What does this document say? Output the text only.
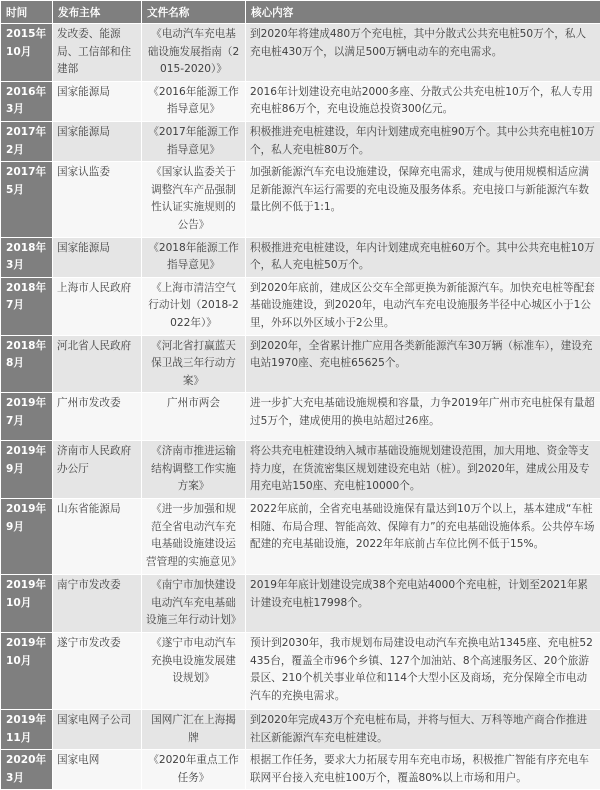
时间	发布主体	文件名称	核心内容
2015年10月	发改委、能源局、工信部和住建部	《电动汽车充电基础设施发展指南（2015-2020）》	到2020年将建成480万个充电桩，其中分散式公共充电桩50万个，私人充电桩430万个，以满足500万辆电动车的充电需求。
2016年3月	国家能源局	《2016年能源工作指导意见》	2016年计划建设充电站2000多座、分散式公共充电桩10万个，私人专用充电桩86万个，充电设施总投资300亿元。
2017年2月	国家能源局	《2017年能源工作指导意见》	积极推进充电桩建设，年内计划建成充电桩90万个。其中公共充电桩10万个，私人充电桩80万个。
2017年5月	国家认监委	《国家认监委关于调整汽车产品强制性认证实施规则的公告》	加强新能源汽车充电设施建设，保障充电需求，建成与使用规模相适应满足新能源汽车运行需要的充电设施及服务体系。充电接口与新能源汽车数量比例不低于1:1。
2018年3月	国家能源局	《2018年能源工作指导意见》	积极推进充电桩建设，年内计划建成充电桩60万个。其中公共充电桩10万个，私人充电桩50万个。
2018年7月	上海市人民政府	《上海市清洁空气行动计划（2018-2022年）》	到2020年底前，建成区公交车全部更换为新能源汽车。加快充电桩等配套基础设施建设，到2020年，电动汽车充电设施服务半径中心城区小于1公里，外环以外区域小于2公里。
2018年8月	河北省人民政府	《河北省打赢蓝天保卫战三年行动方案》	到2020年，全省累计推广应用各类新能源汽车30万辆（标准车），建设充电站1970座、充电桩65625个。
2019年7月	广州市发改委	广州市两会	进一步扩大充电基础设施规模和容量，力争2019年广州市充电桩保有量超过5万个，建成使用的换电站超过26座。
2019年9月	济南市人民政府办公厅	《济南市推进运输结构调整工作实施方案》	将公共充电桩建设纳入城市基础设施规划建设范围，加大用地、资金等支持力度，在货流密集区规划建设充电站（桩）。到2020年，建成公用及专用充电站150座、充电桩10000个。
2019年9月	山东省能源局	《进一步加强和规范全省电动汽车充电基础设施建设运营管理的实施意见》	2022年底前，全省充电基础设施保有量达到10万个以上，基本建成“车桩相随、布局合理、智能高效、保障有力”的充电基础设施体系。公共停车场配建的充电基础设施，2022年年底前占车位比例不低于15%。
2019年10月	南宁市发改委	《南宁市加快建设电动汽车充电基础设施三年行动计划》	2019年年底计划建设完成38个充电站4000个充电桩，计划至2021年累计建设充电桩17998个。
2019年10月	遂宁市发改委	《遂宁市电动汽车充换电设施发展建设规划》	预计到2030年，我市规划布局建设电动汽车充换电站1345座、充电桩52435台，覆盖全市96个乡镇、127个加油站、8个高速服务区、20个旅游景区、210个机关事业单位和114个大型小区及商场，充分保障全市电动汽车的充换电需求。
2019年11月	国家电网子公司	国网广汇在上海揭牌	到2020年完成43万个充电桩布局，并将与恒大、万科等地产商合作推进社区新能源汽车充电桩建设。
2020年3月	国家电网	《2020年重点工作任务》	根据工作任务，要求大力拓展专用车充电市场，积极推广智能有序充电车联网平台接入充电桩100万个，覆盖80%以上市场和用户。
